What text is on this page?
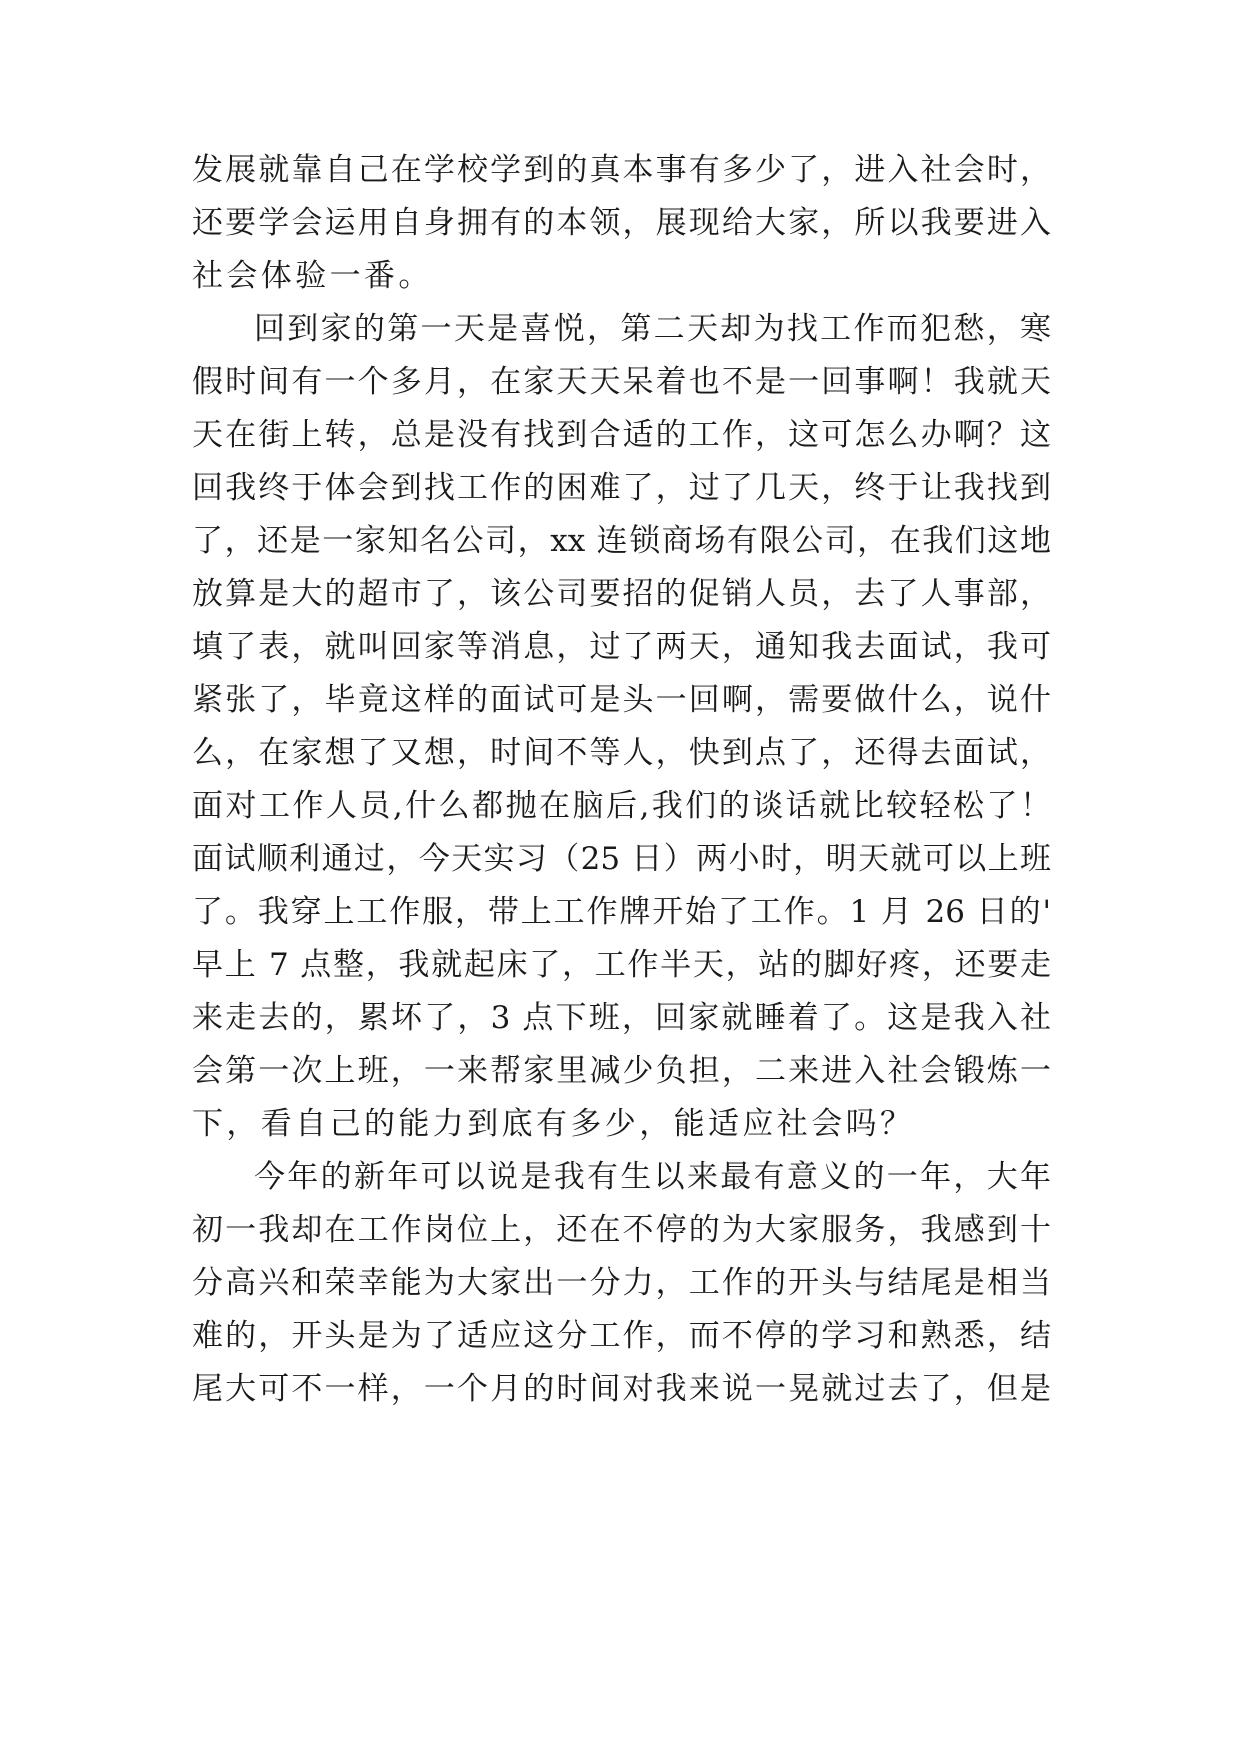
发展就靠自己在学校学到的真本事有多少了，进入社会时，
还要学会运用自身拥有的本领，展现给大家，所以我要进入
社会体验一番。
回到家的第一天是喜悦，第二天却为找工作而犯愁，寒
假时间有一个多月，在家天天呆着也不是一回事啊！我就天
天在街上转，总是没有找到合适的工作，这可怎么办啊？这
回我终于体会到找工作的困难了，过了几天，终于让我找到
了，还是一家知名公司，xx 连锁商场有限公司，在我们这地
放算是大的超市了，该公司要招的促销人员，去了人事部，
填了表，就叫回家等消息，过了两天，通知我去面试，我可
紧张了，毕竟这样的面试可是头一回啊，需要做什么，说什
么，在家想了又想，时间不等人，快到点了，还得去面试，
面对工作人员,什么都抛在脑后,我们的谈话就比较轻松了！
面试顺利通过，今天实习（25 日）两小时，明天就可以上班
了。我穿上工作服，带上工作牌开始了工作。1 月 26 日的'
早上 7 点整，我就起床了，工作半天，站的脚好疼，还要走
来走去的，累坏了，3 点下班，回家就睡着了。这是我入社
会第一次上班，一来帮家里减少负担，二来进入社会锻炼一
下，看自己的能力到底有多少，能适应社会吗？
今年的新年可以说是我有生以来最有意义的一年，大年
初一我却在工作岗位上，还在不停的为大家服务，我感到十
分高兴和荣幸能为大家出一分力，工作的开头与结尾是相当
难的，开头是为了适应这分工作，而不停的学习和熟悉，结
尾大可不一样，一个月的时间对我来说一晃就过去了，但是
